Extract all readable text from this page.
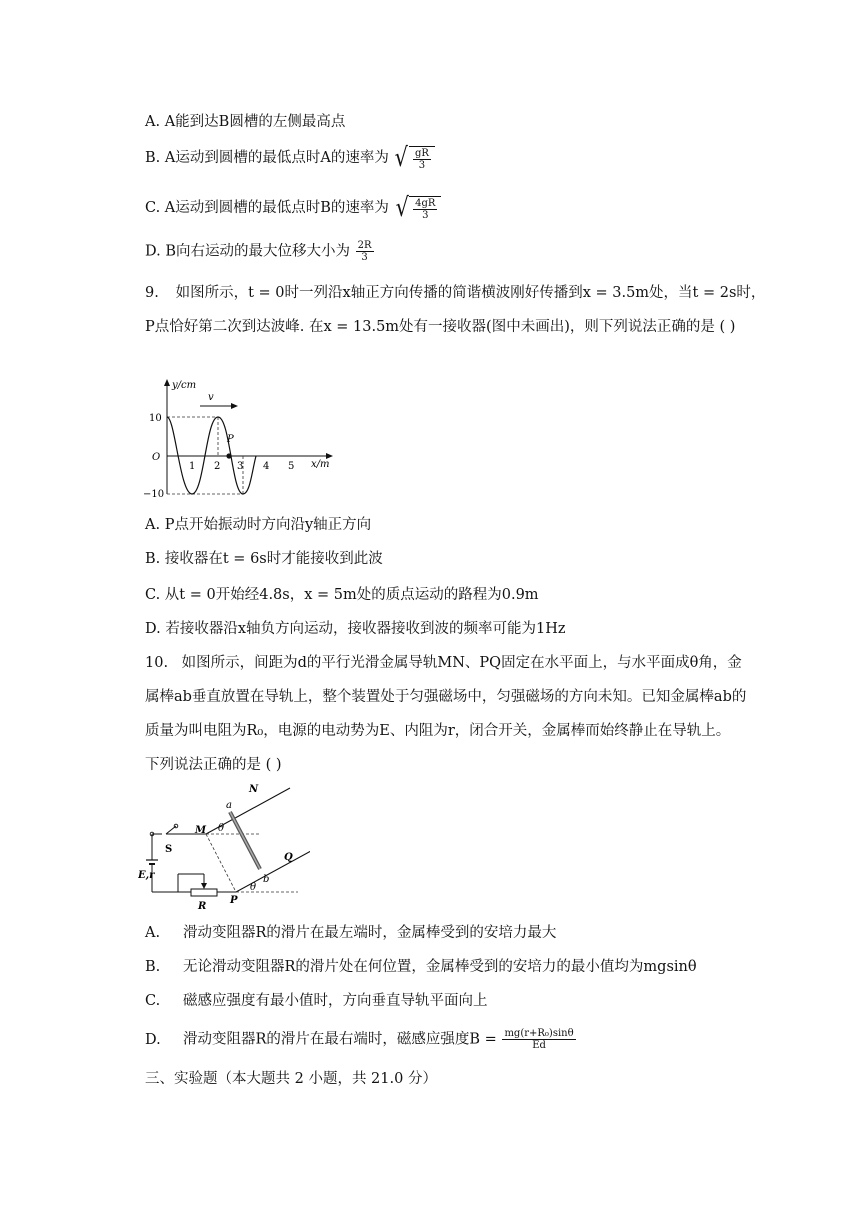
A. A能到达B圆槽的左侧最高点
B. A运动到圆槽的最低点时A的速率为 √ $\frac{gR}{3}$
C. A运动到圆槽的最低点时B的速率为 √ $\frac{4gR}{3}$
D. B向右运动的最大位移大小为 $\frac{2R}{3}$
9. 如图所示，t = 0时一列沿x轴正方向传播的简谐横波刚好传播到x = 3.5m处，当t = 2s时，
P点恰好第二次到达波峰. 在x = 13.5m处有一接收器(图中未画出)，则下列说法正确的是 ( )
y/cm
v
P
O
x/m
10
−10
1 2 3 4 5
A. P点开始振动时方向沿y轴正方向
B. 接收器在t = 6s时才能接收到此波
C. 从t = 0开始经4.8s，x = 5m处的质点运动的路程为0.9m
D. 若接收器沿x轴负方向运动，接收器接收到波的频率可能为1Hz
10. 如图所示，间距为d的平行光滑金属导轨MN、PQ固定在水平面上，与水平面成θ角，金
属棒ab垂直放置在导轨上，整个装置处于匀强磁场中，匀强磁场的方向未知。已知金属棒ab的
质量为叫电阻为R₀，电源的电动势为E、内阻为r，闭合开关，金属棒而始终静止在导轨上。
下列说法正确的是 ( )
N
Q
M
P
a
b
S
R
E,r
θ
θ
A. 滑动变阻器R的滑片在最左端时，金属棒受到的安培力最大
B. 无论滑动变阻器R的滑片处在何位置，金属棒受到的安培力的最小值均为mgsinθ
C. 磁感应强度有最小值时，方向垂直导轨平面向上
D. 滑动变阻器R的滑片在最右端时，磁感应强度$B = \frac{\text{mg(r+R₀)sinθ}}{Ed}$
三、实验题（本大题共 2 小题，共 21.0 分）
